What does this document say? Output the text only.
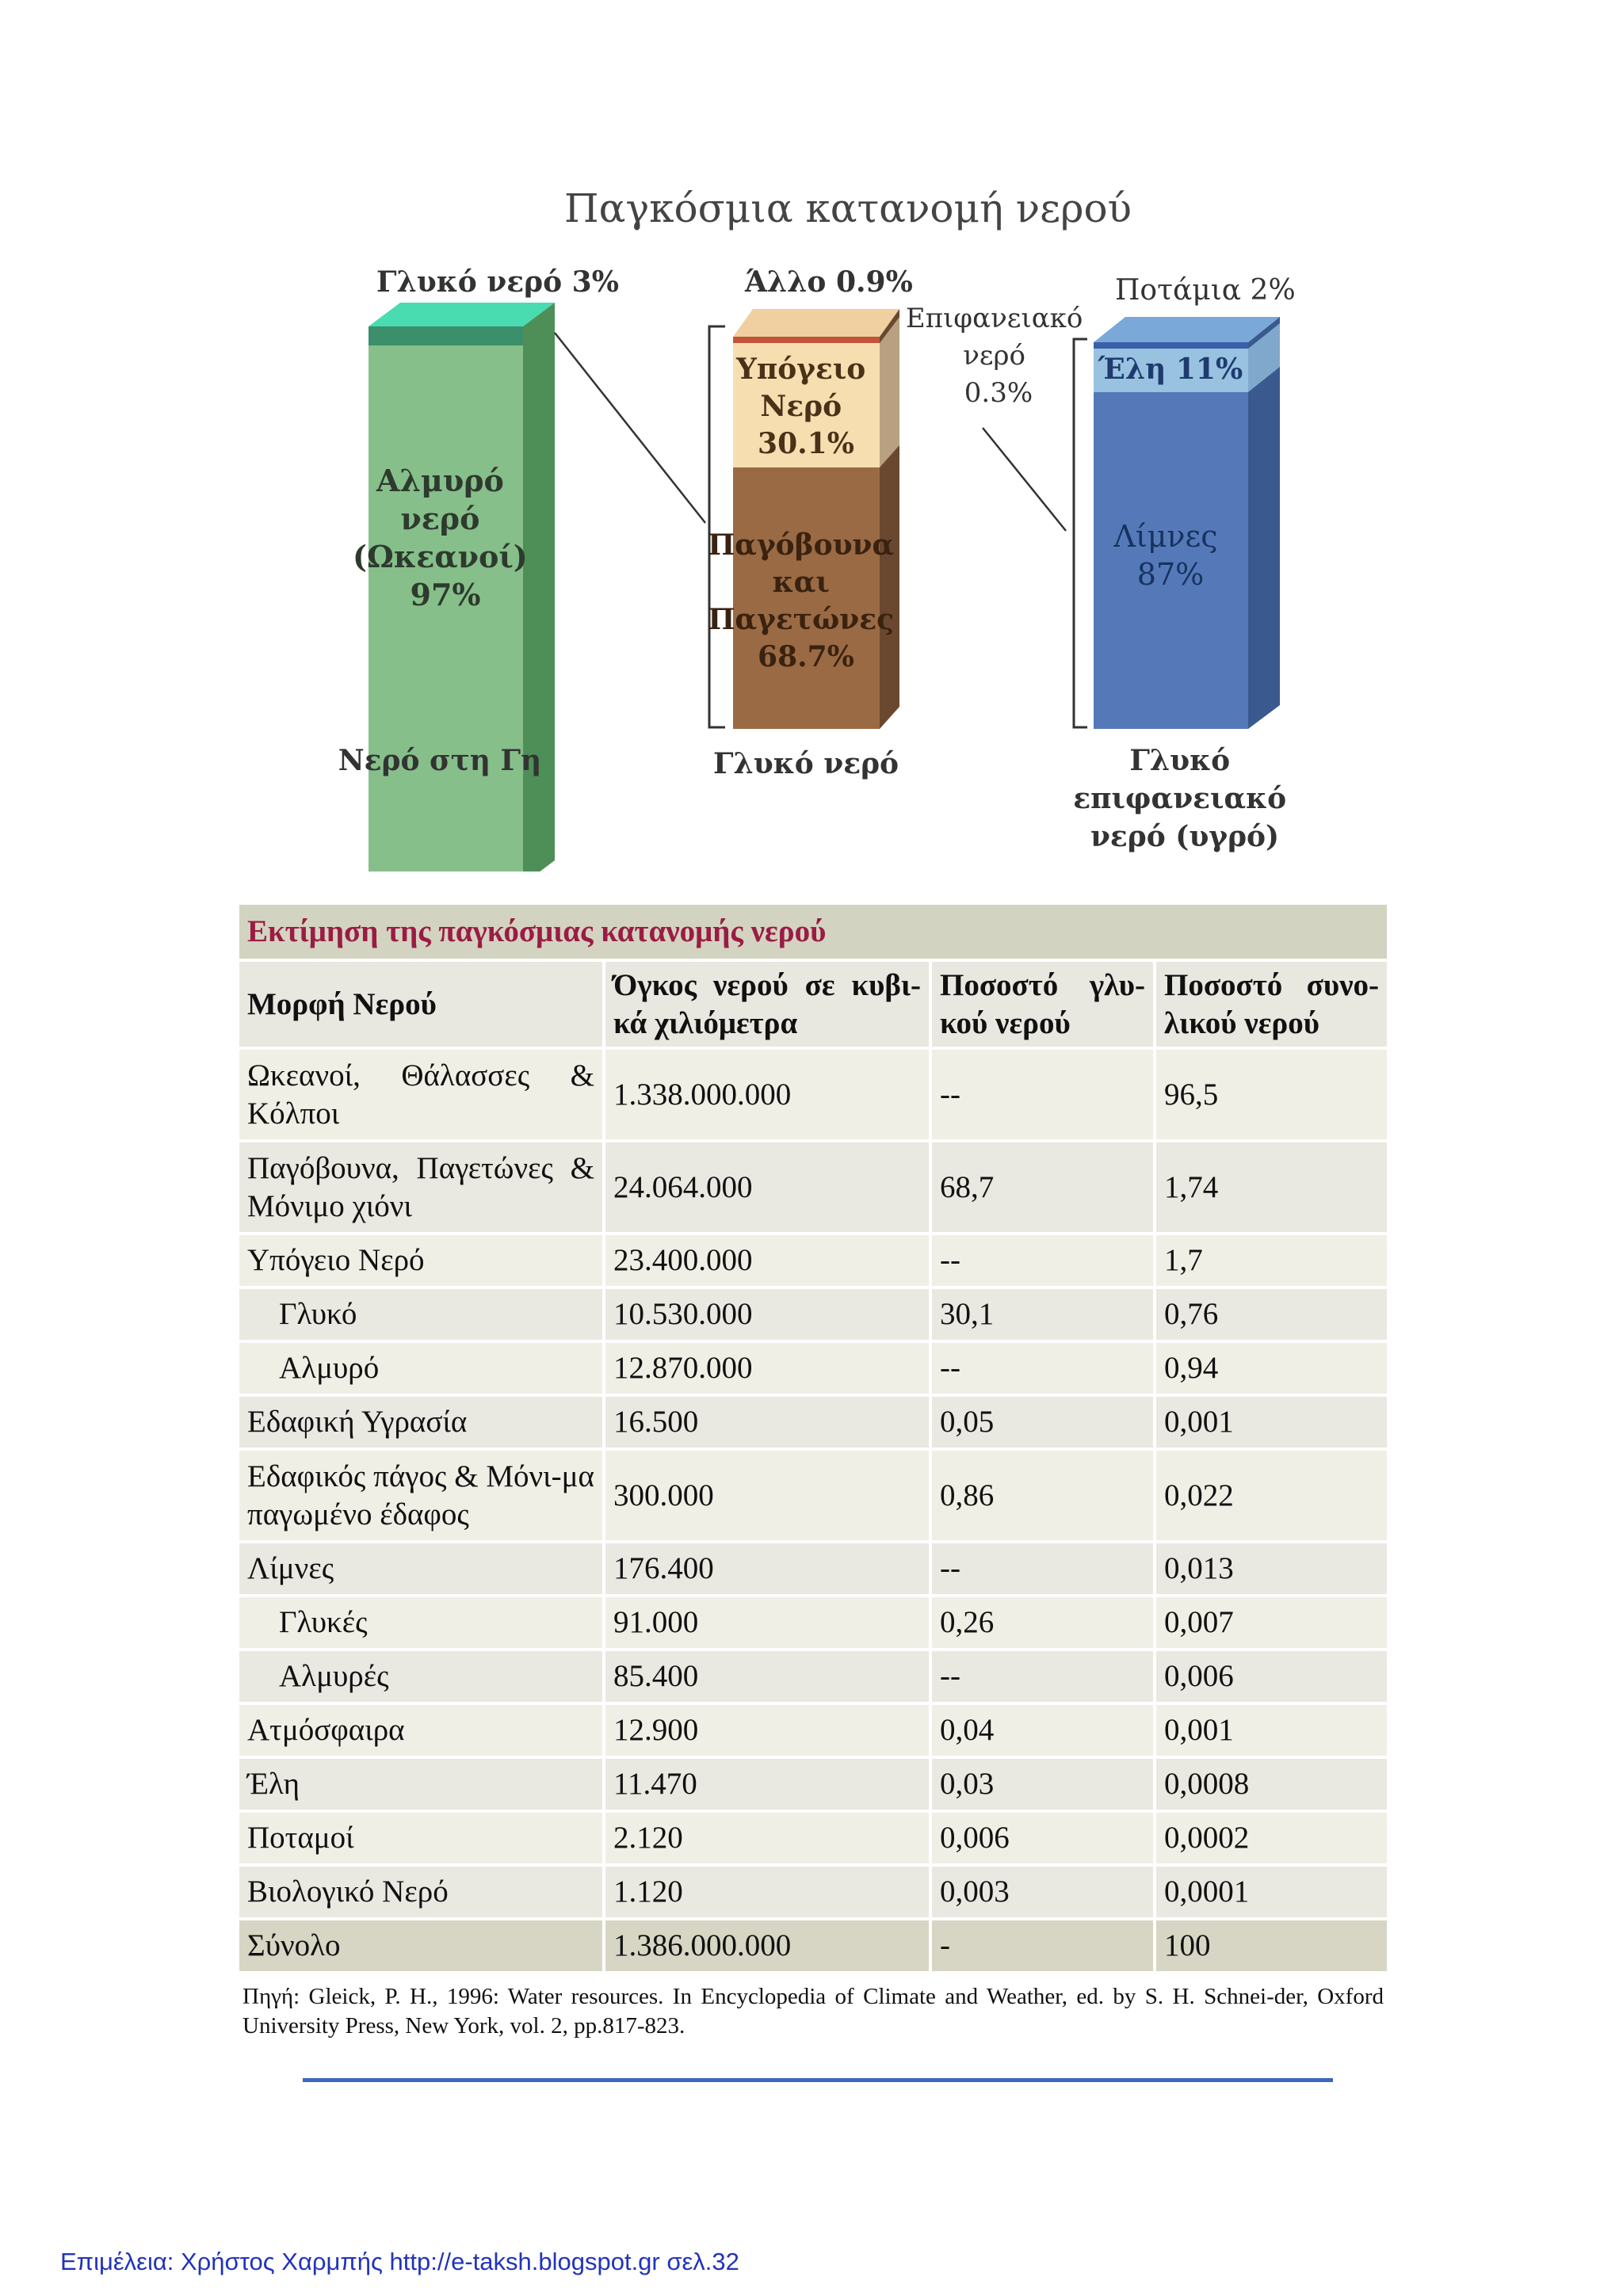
Παγκόσμια κατανομή νερού
Γλυκό νερό 3%
Αλμυρό νερό (Ωκεανοί) 97%
Άλλο 0.9%
Υπόγειο Νερό 30.1%
Παγόβουνα και Παγετώνες 68.7%
Επιφανειακό νερό 0.3%
Ποτάμια 2%
Έλη 11%
Λίμνες 87%
Νερό στη Γη	Γλυκό νερό	Γλυκό επιφανειακό νερό (υγρό)
Εκτίμηση της παγκόσμιας κατανομής νερού			
Μορφή Νερού	Όγκος νερού σε κυβι-κά χιλιόμετρα	Ποσοστό γλυ-κού νερού	Ποσοστό συνο-λικού νερού
Ωκεανοί, Θάλασσες & Κόλποι	1.338.000.000	--	96,5
Παγόβουνα, Παγετώνες & Μόνιμο χιόνι	24.064.000	68,7	1,74
Υπόγειο Νερό	23.400.000	--	1,7
Γλυκό	10.530.000	30,1	0,76
Αλμυρό	12.870.000	--	0,94
Εδαφική Υγρασία	16.500	0,05	0,001
Εδαφικός πάγος & Μόνι-μα παγωμένο έδαφος	300.000	0,86	0,022
Λίμνες	176.400	--	0,013
Γλυκές	91.000	0,26	0,007
Αλμυρές	85.400	--	0,006
Ατμόσφαιρα	12.900	0,04	0,001
Έλη	11.470	0,03	0,0008
Ποταμοί	2.120	0,006	0,0002
Βιολογικό Νερό	1.120	0,003	0,0001
Σύνολο	1.386.000.000	-	100
Πηγή: Gleick, P. H., 1996: Water resources. In Encyclopedia of Climate and Weather, ed. by S. H. Schnei-der, Oxford University Press, New York, vol. 2, pp.817-823.
Επιμέλεια: Χρήστος Χαρμπής http://e-taksh.blogspot.gr σελ.32
